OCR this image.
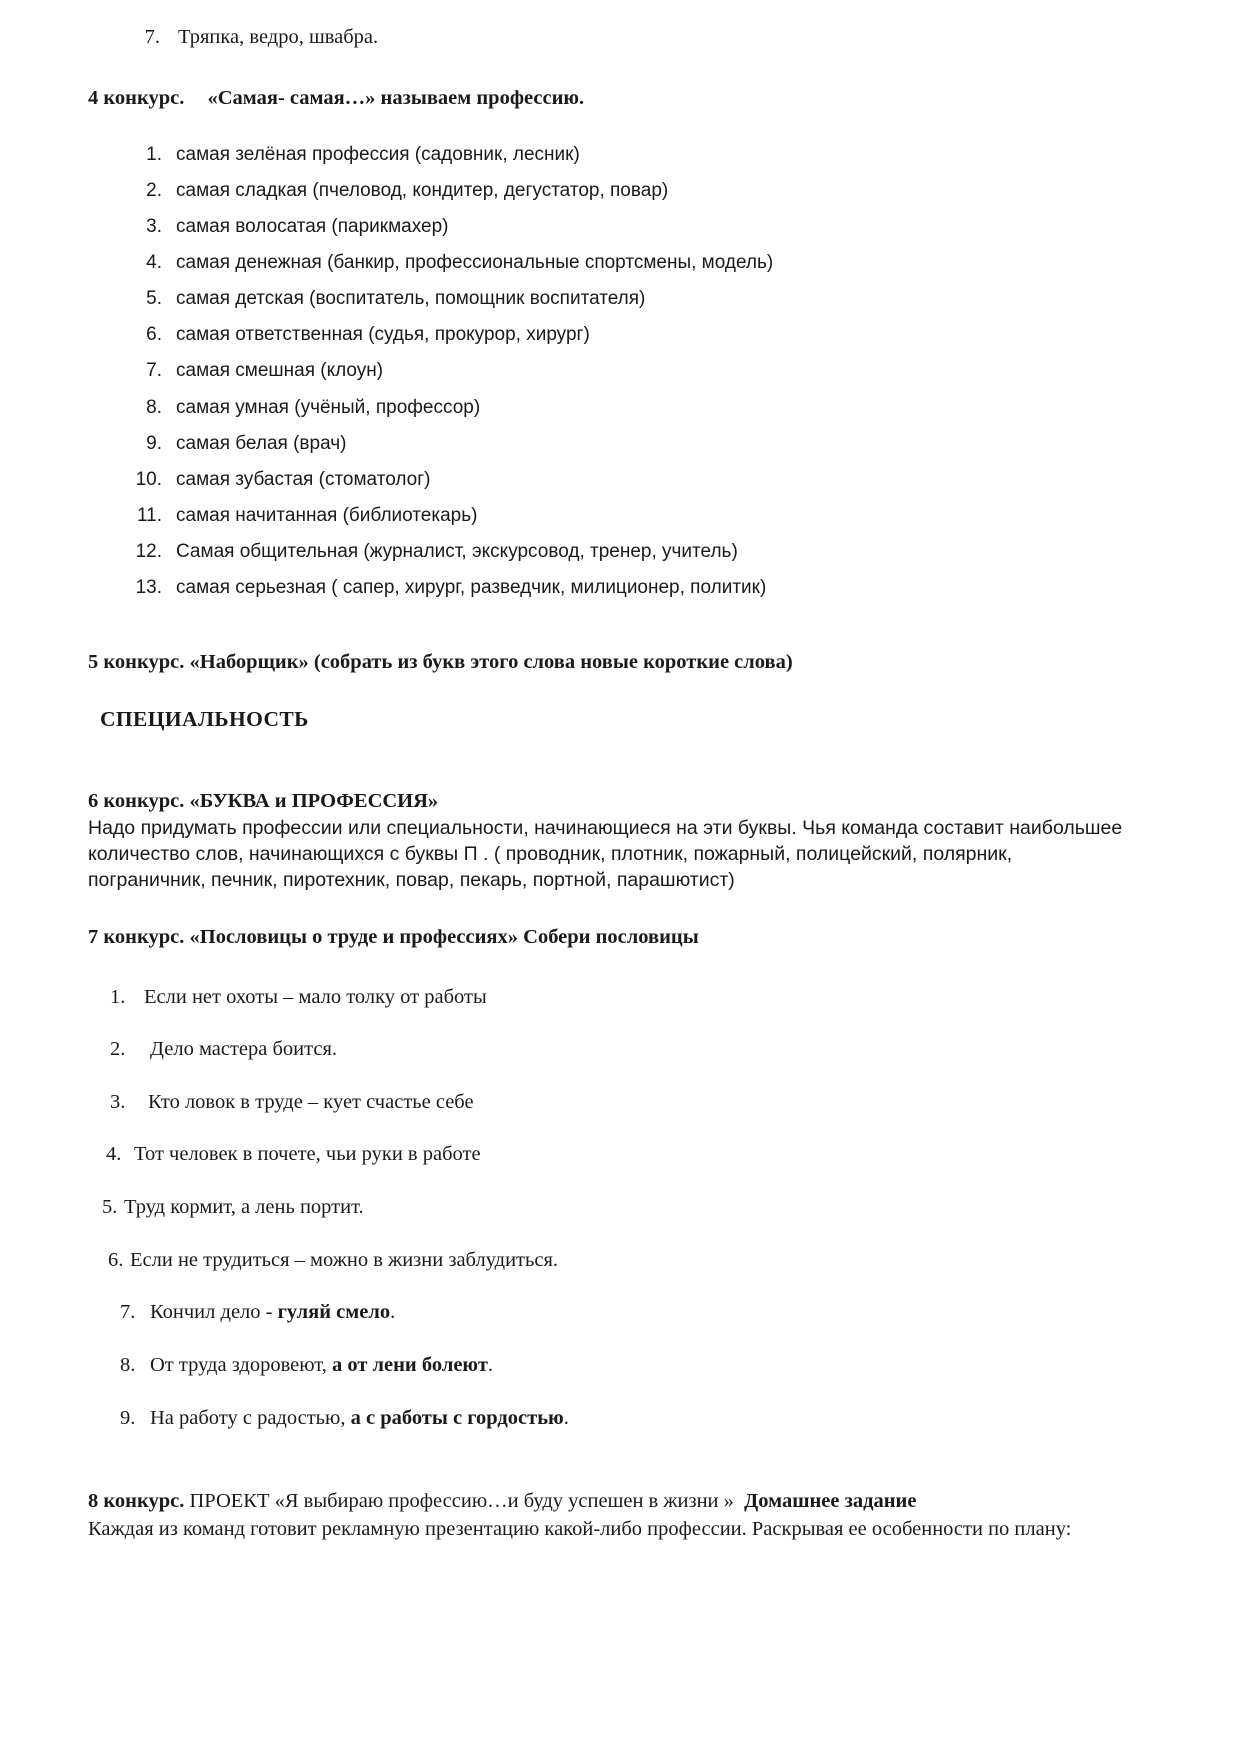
7. Тряпка, ведро, швабра.
4 конкурс. «Самая- самая…» называем профессию.
1. самая зелёная профессия (садовник, лесник)
2. самая сладкая (пчеловод, кондитер, дегустатор, повар)
3. самая волосатая (парикмахер)
4. самая денежная (банкир, профессиональные спортсмены, модель)
5. самая детская (воспитатель, помощник воспитателя)
6. самая ответственная (судья, прокурор, хирург)
7. самая смешная (клоун)
8. самая умная (учёный, профессор)
9. самая белая (врач)
10. самая зубастая (стоматолог)
11. самая начитанная (библиотекарь)
12. Самая общительная (журналист, экскурсовод, тренер, учитель)
13. самая серьезная ( сапер, хирург, разведчик, милиционер, политик)
5 конкурс. «Наборщик» (собрать из букв этого слова новые короткие слова)
СПЕЦИАЛЬНОСТЬ
6 конкурс. «БУКВА и ПРОФЕССИЯ»
Надо придумать профессии или специальности, начинающиеся на эти буквы. Чья команда составит наибольшее количество слов, начинающихся с буквы П . ( проводник, плотник, пожарный, полицейский, полярник, пограничник, печник, пиротехник, повар, пекарь, портной, парашютист)
7 конкурс. «Пословицы о труде и профессиях» Собери пословицы
1. Если нет охоты – мало толку от работы
2.	Дело мастера боится.
3.	Кто ловок в труде – кует счастье себе
4. Тот человек в почете, чьи руки в работе
5. Труд кормит, а лень портит.
6. Если не трудиться – можно в жизни заблудиться.
7. Кончил дело - гуляй смело.
8. От труда здоровеют, а от лени болеют.
9. На работу с радостью, а с работы с гордостью.
8 конкурс. ПРОЕКТ «Я выбираю профессию…и буду успешен в жизни » Домашнее задание
Каждая из команд готовит рекламную презентацию какой-либо профессии. Раскрывая ее особенности по плану:
